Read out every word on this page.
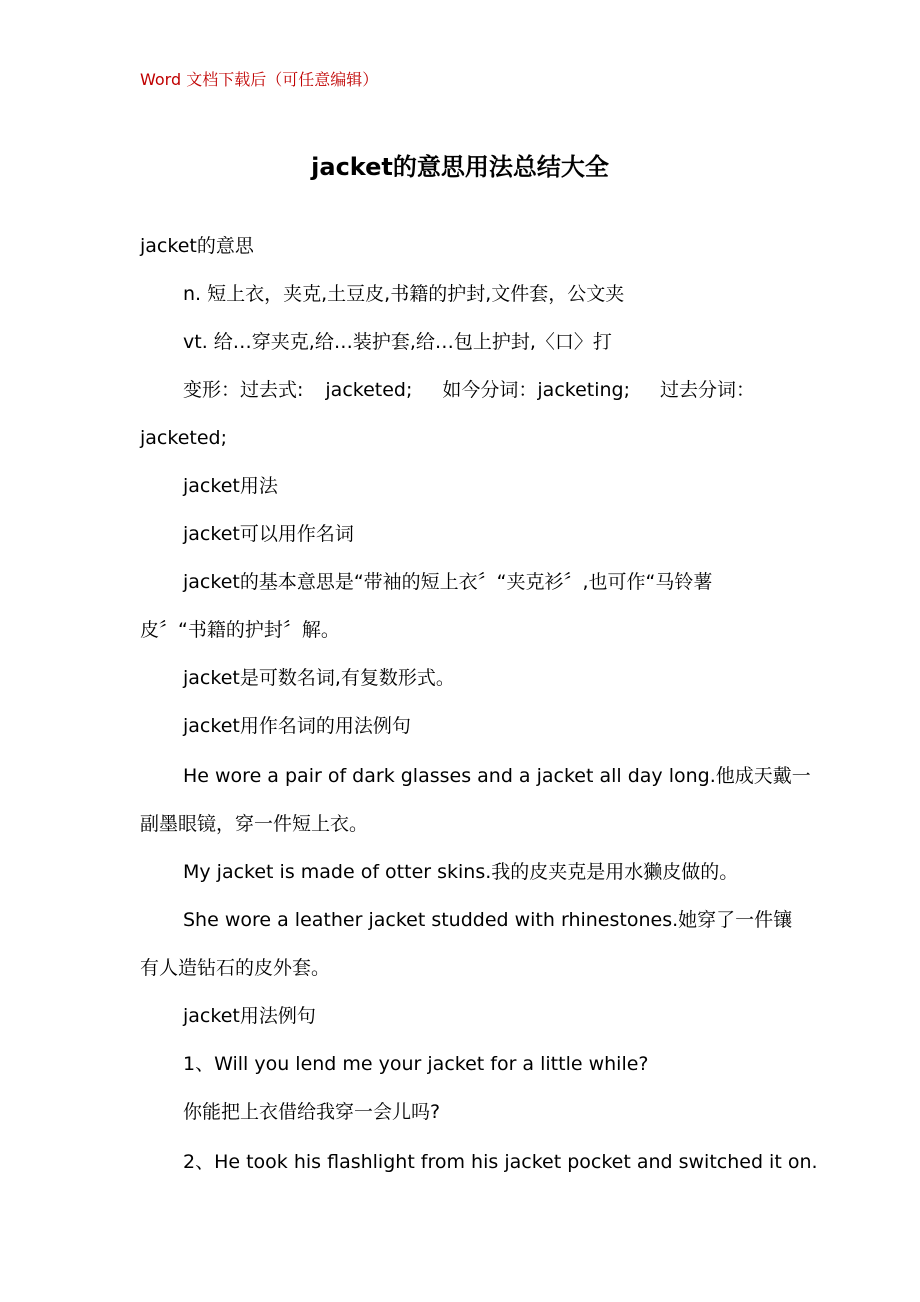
Word 文档下载后（可任意编辑）
jacket的意思用法总结大全
jacket的意思
n. 短上衣，夹克,土豆皮,书籍的护封,文件套，公文夹
vt. 给…穿夹克,给…装护套,给…包上护封,〈口〉打
变形：过去式: jacketed; 如今分词：jacketing; 过去分词：
jacketed;
jacket用法
jacket可以用作名词
jacket的基本意思是“带袖的短上衣〞“夹克衫〞,也可作“马铃薯
皮〞“书籍的护封〞解。
jacket是可数名词,有复数形式。
jacket用作名词的用法例句
He wore a pair of dark glasses and a jacket all day long.他成天戴一
副墨眼镜，穿一件短上衣。
My jacket is made of otter skins.我的皮夹克是用水獭皮做的。
She wore a leather jacket studded with rhinestones.她穿了一件镶
有人造钻石的皮外套。
jacket用法例句
1、Will you lend me your jacket for a little while?
你能把上衣借给我穿一会儿吗?
2、He took his flashlight from his jacket pocket and switched it on.
